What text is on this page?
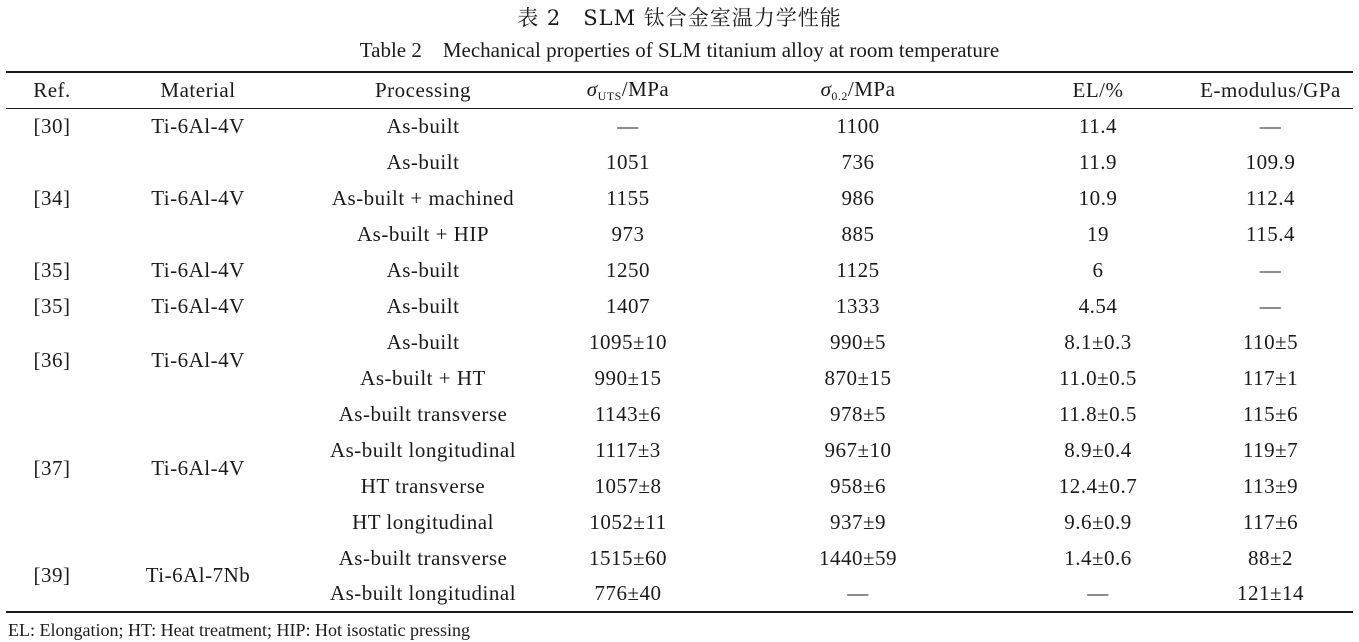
表 2　SLM 钛合金室温力学性能
Table 2　Mechanical properties of SLM titanium alloy at room temperature
Ref.	Material	Processing	$\sigma_{UTS}$/MPa	$\sigma_{0.2}$/MPa	EL/%	E-modulus/GPa
[30]	Ti-6Al-4V	As-built	—	1100	11.4	—
[34]	Ti-6Al-4V	As-built	1051	736	11.9	109.9
		As-built + machined	1155	986	10.9	112.4
		As-built + HIP	973	885	19	115.4
[35]	Ti-6Al-4V	As-built	1250	1125	6	—
[35]	Ti-6Al-4V	As-built	1407	1333	4.54	—
[36]	Ti-6Al-4V	As-built	1095±10	990±5	8.1±0.3	110±5
		As-built + HT	990±15	870±15	11.0±0.5	117±1
[37]	Ti-6Al-4V	As-built transverse	1143±6	978±5	11.8±0.5	115±6
		As-built longitudinal	1117±3	967±10	8.9±0.4	119±7
		HT transverse	1057±8	958±6	12.4±0.7	113±9
		HT longitudinal	1052±11	937±9	9.6±0.9	117±6
[39]	Ti-6Al-7Nb	As-built transverse	1515±60	1440±59	1.4±0.6	88±2
		As-built longitudinal	776±40	—	—	121±14
EL: Elongation; HT: Heat treatment; HIP: Hot isostatic pressing
